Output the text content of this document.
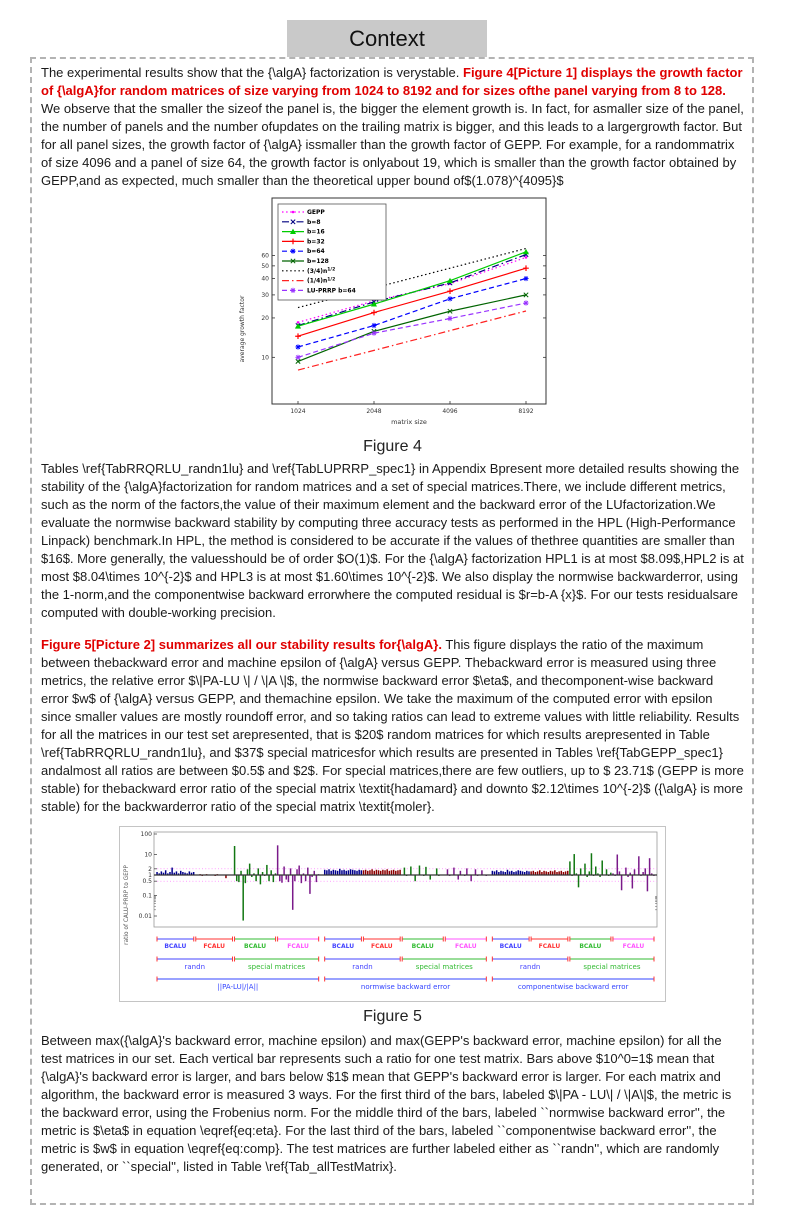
Context

The experimental results show that the {\algA} factorization is verystable. Figure 4[Picture 1] displays the growth factor of {\algA}for random matrices of size varying from 1024 to 8192 and for sizes ofthe panel varying from 8 to 128. We observe that the smaller the sizeof the panel is, the bigger the element growth is. In fact, for asmaller size of the panel, the number of panels and the number ofupdates on the trailing matrix is bigger, and this leads to a largergrowth factor. But for all panel sizes, the growth factor of {\algA} issmaller than the growth factor of GEPP. For example, for a randommatrix of size 4096 and a panel of size 64, the growth factor is onlyabout 19, which is smaller than the growth factor obtained by GEPP,and as expected, much smaller than the theoretical upper bound of$(1.078)^{4095}$

10
20
30
40
50
60
1024	2048	4096	8192
matrix size
average growth factor
GEPP
b=8
b=16
b=32
b=64
b=128
$(3/4)n^{1/2}$
$(1/4)n^{1/2}$
LU-PRRP b=64
Figure 4

Tables \ref{TabRRQRLU_randn1lu} and \ref{TabLUPRRP_spec1} in Appendix Bpresent more detailed results showing the stability of the {\algA}factorization for random matrices and a set of special matrices.There, we include different metrics, such as the norm of the factors,the value of their maximum element and the backward error of the LUfactorization.We evaluate the normwise backward stability by computing three accuracy tests as performed in the HPL (High-Performance Linpack) benchmark.In HPL, the method is considered to be accurate if the values of thethree quantities are smaller than $16$. More generally, the valuesshould be of order $O(1)$. For the {\algA} factorization HPL1 is at most $8.09$,HPL2 is at most $8.04\times 10^{-2}$ and HPL3 is at most $1.60\times 10^{-2}$. We also display the normwise backwarderror, using the 1-norm,and the componentwise backward errorwhere the computed residual is $r=b-A {x}$. For our tests residualsare computed with double-working precision.

Figure 5[Picture 2] summarizes all our stability results for{\algA}. This figure displays the ratio of the maximum between thebackward error and machine epsilon of {\algA} versus GEPP. Thebackward error is measured using three metrics, the relative error $\|PA-LU \| / \|A \|$, the normwise backward error $\eta$, and thecomponent-wise backward error $w$ of {\algA} versus GEPP, and themachine epsilon. We take the maximum of the computed error with epsilon since smaller values are mostly roundoff error, and so taking ratios can lead to extreme values with little reliability. Results for all the matrices in our test set arepresented, that is $20$ random matrices for which results arepresented in Table \ref{TabRRQRLU_randn1lu}, and $37$ special matricesfor which results are presented in Tables \ref{TabGEPP_spec1} andalmost all ratios are between $0.5$ and $2$. For special matrices,there are few outliers, up to $ 23.71$ (GEPP is more stable) for thebackward error ratio of the special matrix \textit{hadamard} and downto $2.12\times 10^{-2}$ ({\algA} is more stable) for the backwarderror ratio of the special matrix \textit{moler}.

100
10
2
1
0.5
0.1
0.01
ratio of CALU-PRRP to GEPP
BCALU	FCALU	BCALU	FCALU
randn	special matrices
||PA-LU|/|A||
BCALU	FCALU	BCALU	FCALU
randn	special matrices
normwise backward error
BCALU	FCALU	BCALU	FCALU
randn	special matrices
componentwise backward error
Figure 5

Between max({\algA}'s backward error, machine epsilon) and max(GEPP's backward error, machine epsilon) for all the test matrices in our set. Each vertical bar represents such a ratio for one test matrix. Bars above $10^0=1$ mean that {\algA}'s backward error is larger, and bars below $1$ mean that GEPP's backward error is larger. For each matrix and algorithm, the backward error is measured 3 ways. For the first third of the bars, labeled $\|PA - LU\| / \|A\|$, the metric is the backward error, using the Frobenius norm. For the middle third of the bars, labeled ``normwise backward error'', the metric is $\eta$ in equation \eqref{eq:eta}. For the last third of the bars, labeled ``componentwise backward error'', the metric is $w$ in equation \eqref{eq:comp}. The test matrices are further labeled either as ``randn'', which are randomly generated, or ``special'', listed in Table \ref{Tab_allTestMatrix}.
